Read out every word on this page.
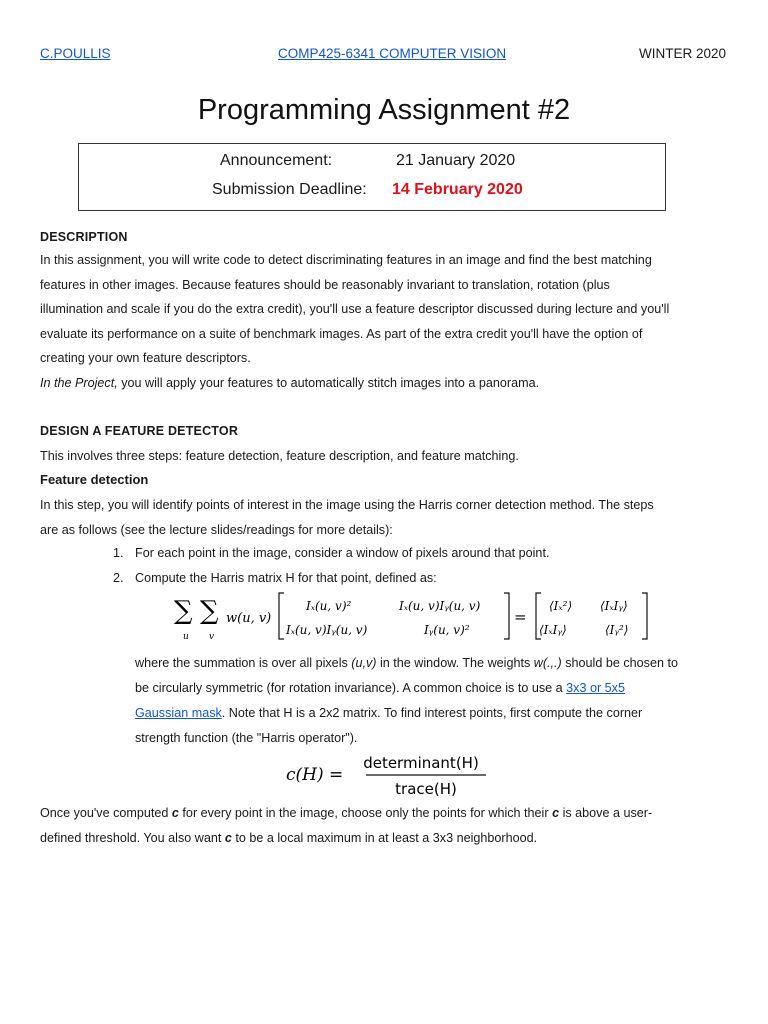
C.POULLIS	COMP425-6341 COMPUTER VISION	WINTER 2020
Programming Assignment #2
Announcement:	21 January 2020
Submission Deadline: 14 February 2020
DESCRIPTION
In this assignment, you will write code to detect discriminating features in an image and find the best matching
features in other images. Because features should be reasonably invariant to translation, rotation (plus
illumination and scale if you do the extra credit), you'll use a feature descriptor discussed during lecture and you'll
evaluate its performance on a suite of benchmark images. As part of the extra credit you'll have the option of
creating your own feature descriptors.
In the Project, you will apply your features to automatically stitch images into a panorama.
DESIGN A FEATURE DETECTOR
This involves three steps: feature detection, feature description, and feature matching.
Feature detection
In this step, you will identify points of interest in the image using the Harris corner detection method. The steps
are as follows (see the lecture slides/readings for more details):
1. For each point in the image, consider a window of pixels around that point.
2. Compute the Harris matrix H for that point, defined as:
∑
u
∑
v
w(u, v)
Iₓ(u, v)²	Iₓ(u, v)Iᵧ(u, v)
Iₓ(u, v)Iᵧ(u, v)	Iᵧ(u, v)²
=
⟨Iₓ²⟩ ⟨IₓIᵧ⟩
⟨IₓIᵧ⟩	⟨Iᵧ²⟩
where the summation is over all pixels (u,v) in the window. The weights w(.,.) should be chosen to
be circularly symmetric (for rotation invariance). A common choice is to use a 3x3 or 5x5
Gaussian mask. Note that H is a 2x2 matrix. To find interest points, first compute the corner
strength function (the "Harris operator").
c(H) =
determinant(H)
trace(H)
Once you've computed c for every point in the image, choose only the points for which their c is above a user-
defined threshold. You also want c to be a local maximum in at least a 3x3 neighborhood.
